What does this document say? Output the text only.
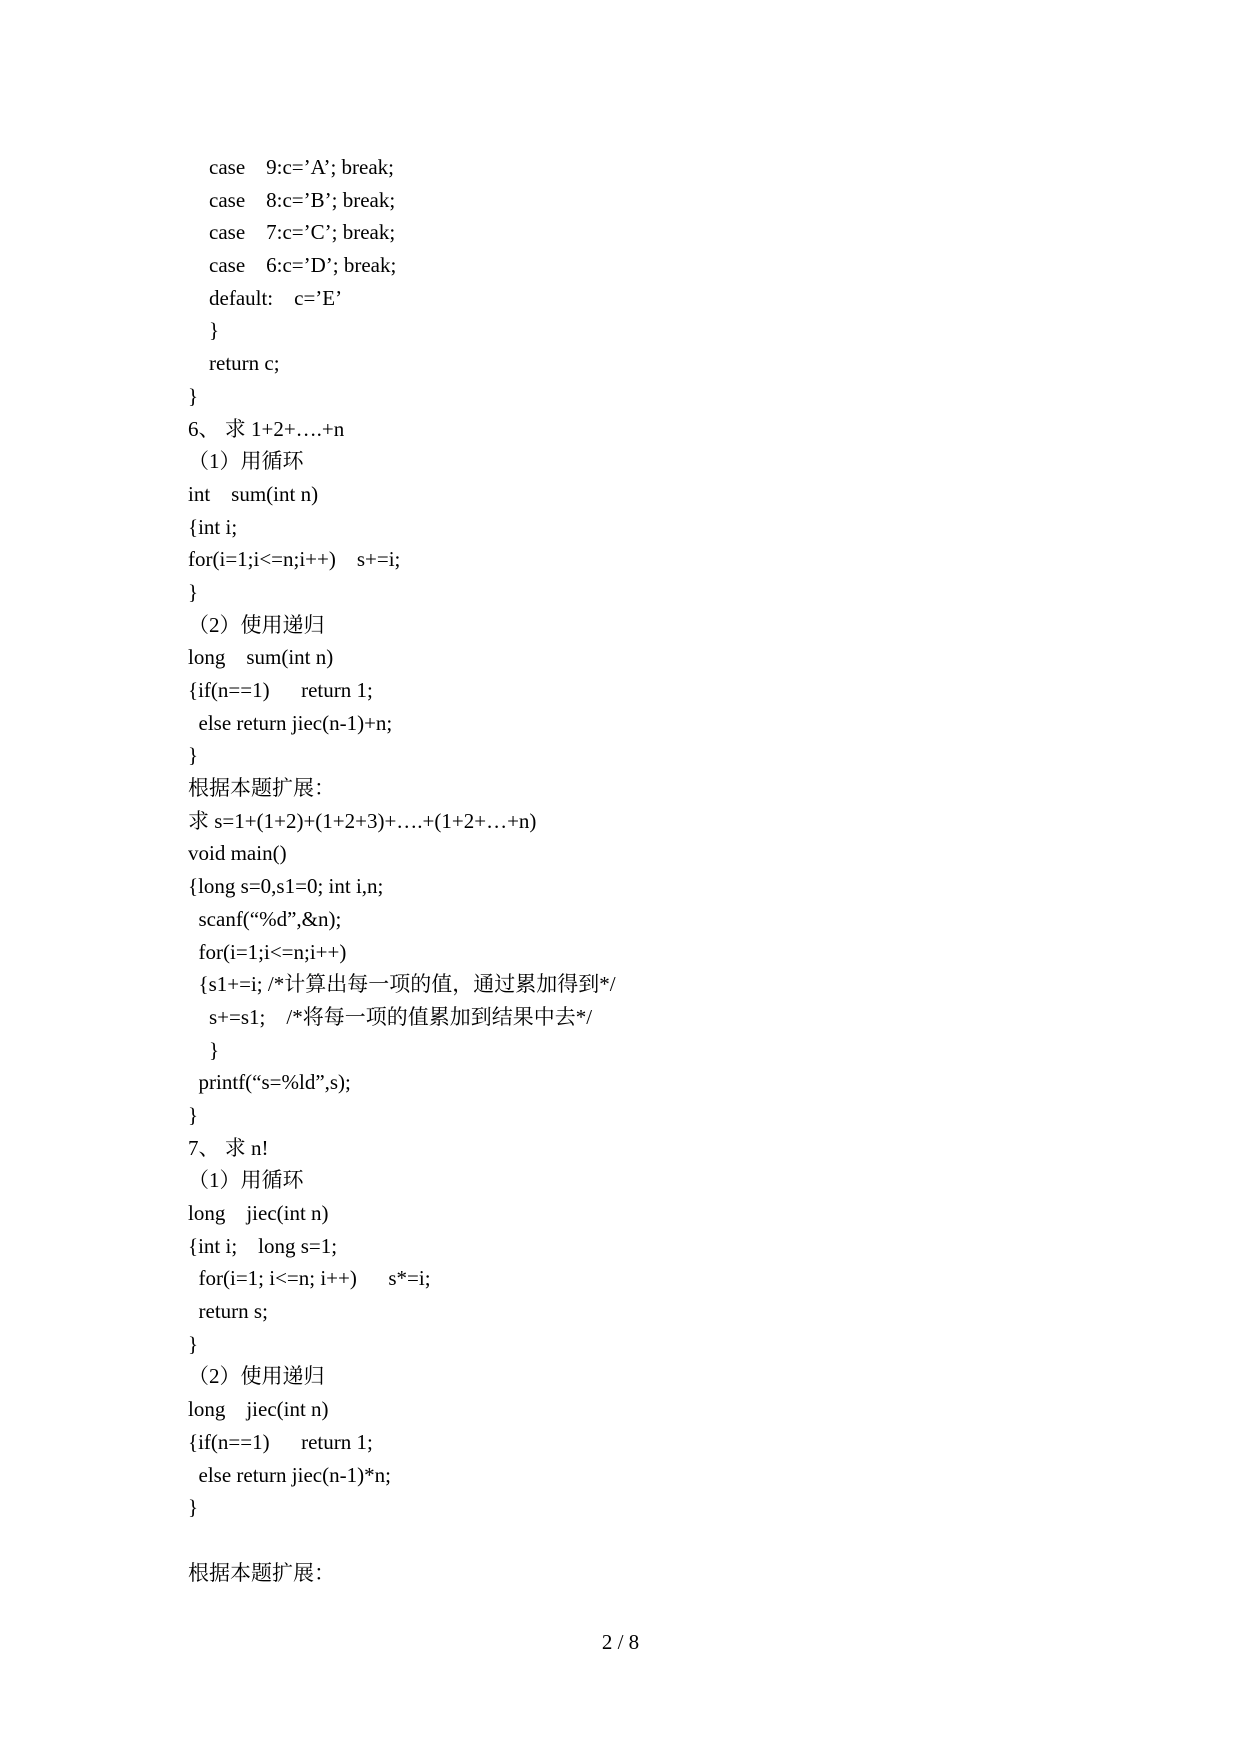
case    9:c=’A’; break;
case    8:c=’B’; break;
case    7:c=’C’; break;
case    6:c=’D’; break;
default:    c=’E’
}
return c;
}
6、 求 1+2+….+n
（1）用循环
int    sum(int n)
{int i;
for(i=1;i<=n;i++)    s+=i;
}
（2）使用递归
long    sum(int n)
{if(n==1)      return 1;
else return jiec(n-1)+n;
}
根据本题扩展：
求 s=1+(1+2)+(1+2+3)+….+(1+2+…+n)
void main()
{long s=0,s1=0; int i,n;
scanf(“%d”,&n);
for(i=1;i<=n;i++)
{s1+=i; /*计算出每一项的值，通过累加得到*/
s+=s1;    /*将每一项的值累加到结果中去*/
}
printf(“s=%ld”,s);
}
7、 求 n!
（1）用循环
long    jiec(int n)
{int i;    long s=1;
for(i=1; i<=n; i++)      s*=i;
return s;
}
（2）使用递归
long    jiec(int n)
{if(n==1)      return 1;
else return jiec(n-1)*n;
}
根据本题扩展：
2 / 8
